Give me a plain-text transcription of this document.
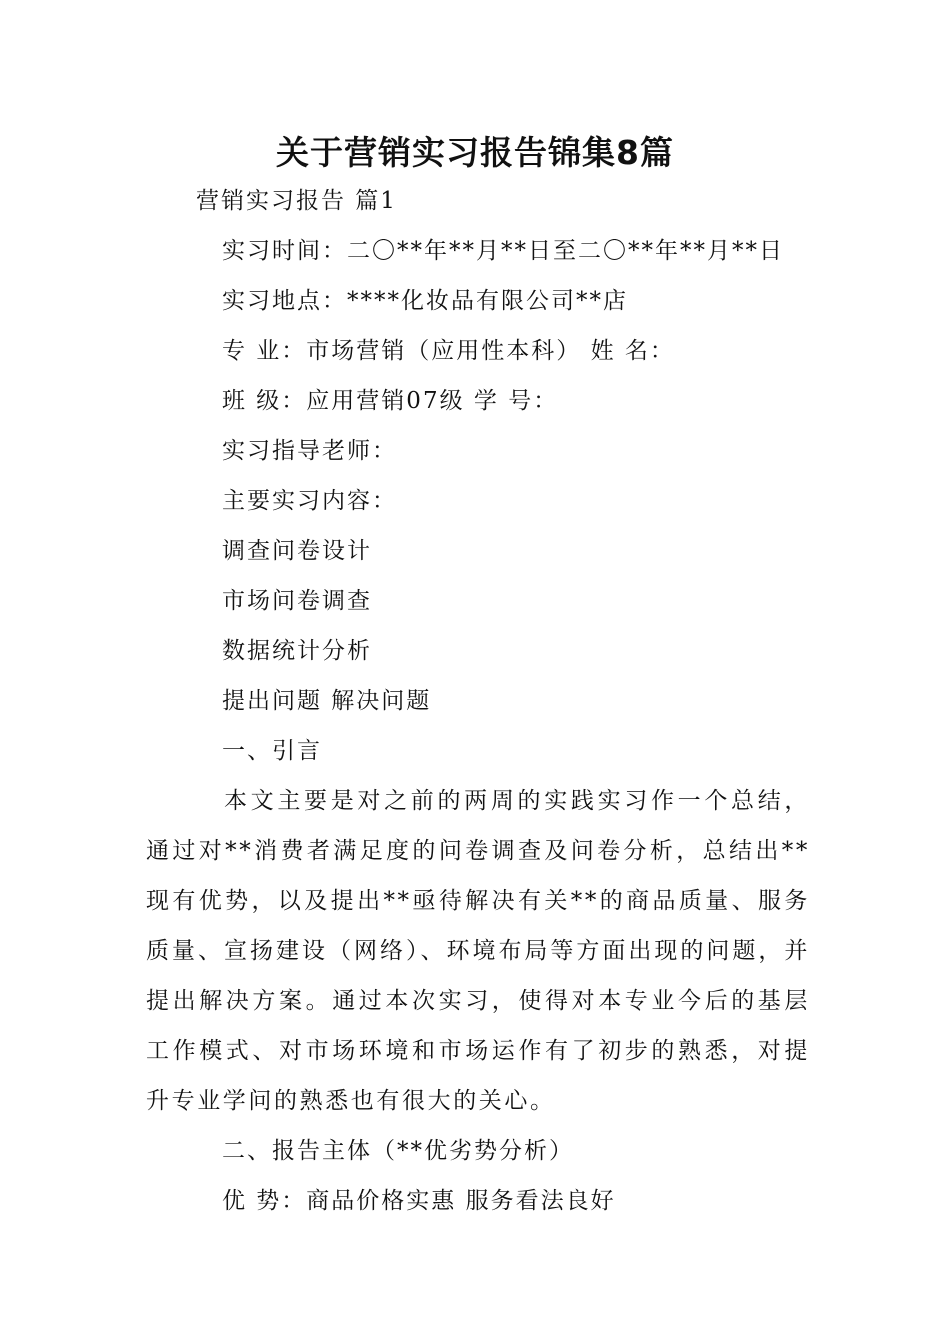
关于营销实习报告锦集8篇

营销实习报告 篇1

实习时间：二〇**年**月**日至二〇**年**月**日

实习地点：****化妆品有限公司**店

专 业：市场营销（应用性本科） 姓 名：

班 级：应用营销07级 学 号：

实习指导老师：

主要实习内容：

调查问卷设计

市场问卷调查

数据统计分析

提出问题 解决问题

一、引言

本文主要是对之前的两周的实践实习作一个总结，通过对**消费者满足度的问卷调查及问卷分析，总结出**现有优势，以及提出**亟待解决有关**的商品质量、服务质量、宣扬建设（网络）、环境布局等方面出现的问题，并提出解决方案。通过本次实习，使得对本专业今后的基层工作模式、对市场环境和市场运作有了初步的熟悉，对提升专业学问的熟悉也有很大的关心。

二、报告主体（**优劣势分析）

优 势：商品价格实惠 服务看法良好
